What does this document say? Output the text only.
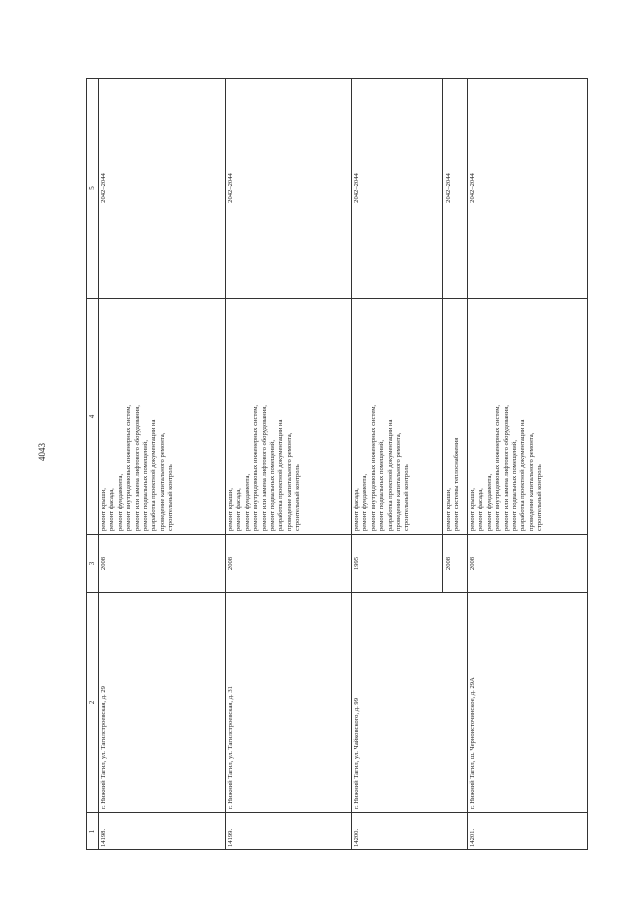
4043
1
2
3
4
5
14198.
г. Нижний Тагил, ул. Тагилстроевская, д. 29
2008
ремонт крыши,
ремонт фасада,
ремонт фундамента,
ремонт внутридомовых инженерных систем,
ремонт или замена лифтового оборудования,
ремонт подвальных помещений,
разработка проектной документации на
проведение капитального ремонта,
строительный контроль
2042–2044
14199.
г. Нижний Тагил, ул. Тагилстроевская, д. 31
2008
ремонт крыши,
ремонт фасада,
ремонт фундамента,
ремонт внутридомовых инженерных систем,
ремонт или замена лифтового оборудования,
ремонт подвальных помещений,
разработка проектной документации на
проведение капитального ремонта,
строительный контроль
2042–2044
14200.
г. Нижний Тагил, ул. Чайковского, д. 99
1995
ремонт фасада,
ремонт фундамента,
ремонт внутридомовых инженерных систем,
ремонт подвальных помещений,
разработка проектной документации на
проведение капитального ремонта,
строительный контроль
2042–2044
2008
ремонт крыши,
ремонт системы теплоснабжения
2042–2044
14201.
г. Нижний Тагил, ш. Черноисточинское, д. 29А
2008
ремонт крыши,
ремонт фасада,
ремонт фундамента,
ремонт внутридомовых инженерных систем,
ремонт или замена лифтового оборудования,
ремонт подвальных помещений,
разработка проектной документации на
проведение капитального ремонта,
строительный контроль
2042–2044
